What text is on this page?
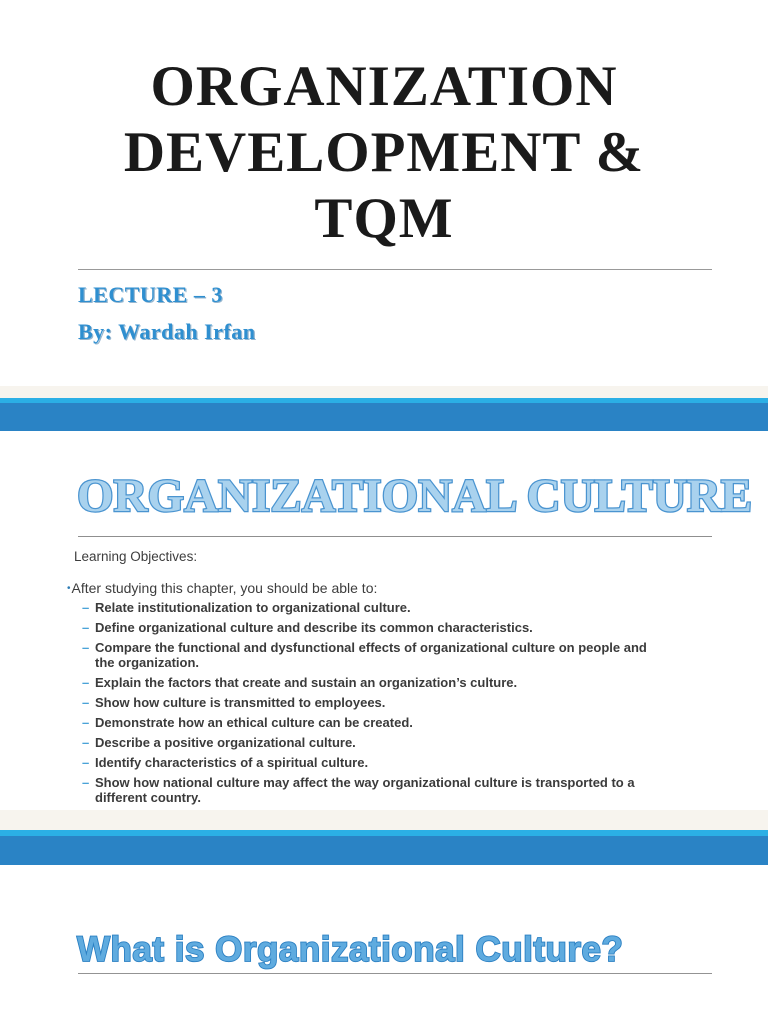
ORGANIZATION
DEVELOPMENT &
TQM
LECTURE – 3
By: Wardah Irfan
ORGANIZATIONAL CULTURE
Learning Objectives:
•After studying this chapter, you should be able to:
– Relate institutionalization to organizational culture.
– Define organizational culture and describe its common characteristics.
– Compare the functional and dysfunctional effects of organizational culture on people and the organization.
– Explain the factors that create and sustain an organization’s culture.
– Show how culture is transmitted to employees.
– Demonstrate how an ethical culture can be created.
– Describe a positive organizational culture.
– Identify characteristics of a spiritual culture.
– Show how national culture may affect the way organizational culture is transported to a different country.
What is Organizational Culture?
